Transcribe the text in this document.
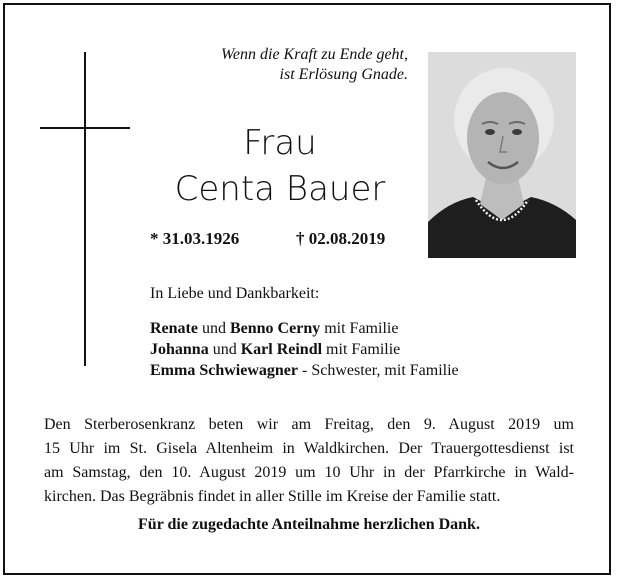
Wenn die Kraft zu Ende geht,
ist Erlösung Gnade.
Frau
Centa Bauer
* 31.03.1926	† 02.08.2019
In Liebe und Dankbarkeit:
Renate und Benno Cerny mit Familie
Johanna und Karl Reindl mit Familie
Emma Schwiewagner - Schwester, mit Familie
Den Sterberosenkranz beten wir am Freitag, den 9. August 2019 um
15 Uhr im St. Gisela Altenheim in Waldkirchen. Der Trauergottesdienst ist
am Samstag, den 10. August 2019 um 10 Uhr in der Pfarrkirche in Wald-
kirchen. Das Begräbnis findet in aller Stille im Kreise der Familie statt.
Für die zugedachte Anteilnahme herzlichen Dank.
